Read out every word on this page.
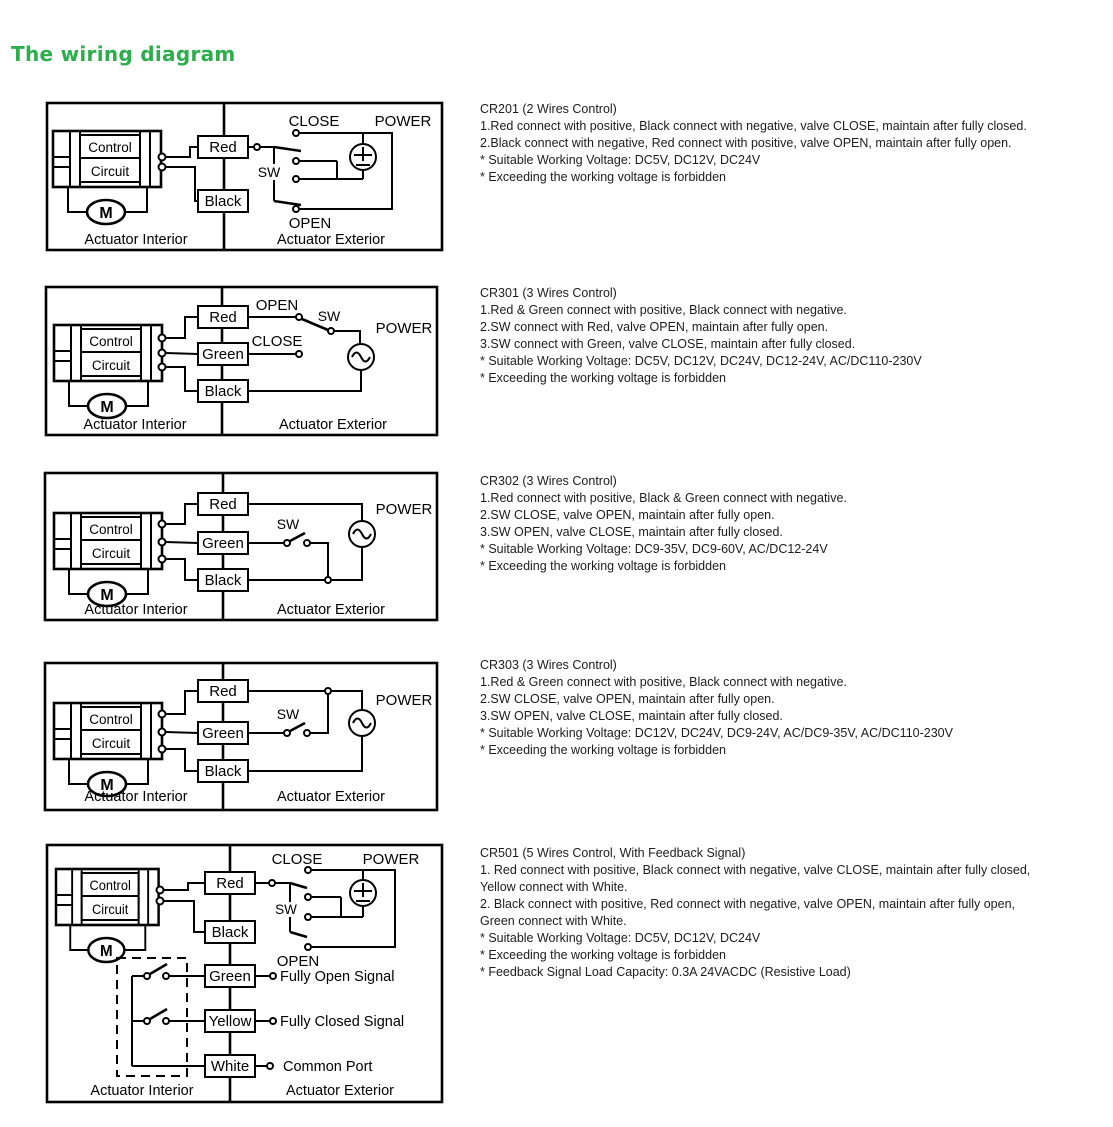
The wiring diagram
Red
Black
SW
CLOSE POWER
OPEN
Actuator Interior	Actuator Exterior
CR201 (2 Wires Control)
1.Red connect with positive, Black connect with negative, valve CLOSE, maintain after fully closed.
2.Black connect with negative, Red connect with positive, valve OPEN, maintain after fully open.
* Suitable Working Voltage: DC5V, DC12V, DC24V
* Exceeding the working voltage is forbidden
Red
Green
Black
OPEN
SW
CLOSE
POWER
Actuator Interior	Actuator Exterior
CR301 (3 Wires Control)
1.Red & Green connect with positive, Black connect with negative.
2.SW connect with Red, valve OPEN, maintain after fully open.
3.SW connect with Green, valve CLOSE, maintain after fully closed.
* Suitable Working Voltage: DC5V, DC12V, DC24V, DC12-24V, AC/DC110-230V
* Exceeding the working voltage is forbidden
Red
Green
Black
SW
POWER
Actuator Interior	Actuator Exterior
CR302 (3 Wires Control)
1.Red connect with positive, Black & Green connect with negative.
2.SW CLOSE, valve OPEN, maintain after fully open.
3.SW OPEN, valve CLOSE, maintain after fully closed.
* Suitable Working Voltage: DC9-35V, DC9-60V, AC/DC12-24V
* Exceeding the working voltage is forbidden
Red
Green
Black
SW
POWER
Actuator Interior	Actuator Exterior
CR303 (3 Wires Control)
1.Red & Green connect with positive, Black connect with negative.
2.SW CLOSE, valve OPEN, maintain after fully open.
3.SW OPEN, valve CLOSE, maintain after fully closed.
* Suitable Working Voltage: DC12V, DC24V, DC9-24V, AC/DC9-35V, AC/DC110-230V
* Exceeding the working voltage is forbidden
Red
Black
Green
Yellow
White
SW
CLOSE	POWER
OPEN
Fully Open Signal
Fully Closed Signal
Common Port
Actuator Interior	Actuator Exterior
CR501 (5 Wires Control, With Feedback Signal)
1. Red connect with positive, Black connect with negative, valve CLOSE, maintain after fully closed,
Yellow connect with White.
2. Black connect with positive, Red connect with negative, valve OPEN, maintain after fully open,
Green connect with White.
* Suitable Working Voltage: DC5V, DC12V, DC24V
* Exceeding the working voltage is forbidden
* Feedback Signal Load Capacity: 0.3A 24VACDC (Resistive Load)
